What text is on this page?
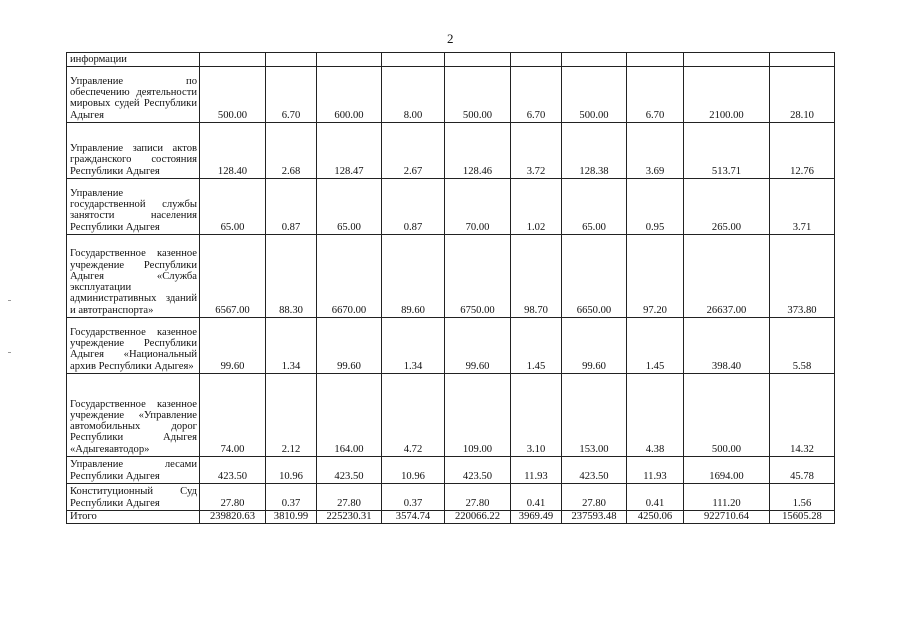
2
информации										
Управление по обеспечению деятельности мировых судей Республики Адыгея	500.00	6.70	600.00	8.00	500.00	6.70	500.00	6.70	2100.00	28.10
Управление записи актов гражданского состояния Республики Адыгея	128.40	2.68	128.47	2.67	128.46	3.72	128.38	3.69	513.71	12.76
Управление государственной службы занятости населения Республики Адыгея	65.00	0.87	65.00	0.87	70.00	1.02	65.00	0.95	265.00	3.71
Государственное казенное учреждение Республики Адыгея «Служба эксплуатации административных зданий и автотранспорта»	6567.00	88.30	6670.00	89.60	6750.00	98.70	6650.00	97.20	26637.00	373.80
Государственное казенное учреждение Республики Адыгея «Национальный архив Республики Адыгея»	99.60	1.34	99.60	1.34	99.60	1.45	99.60	1.45	398.40	5.58
Государственное казенное учреждение «Управление автомобильных дорог Республики Адыгея «Адыгеяавтодор»	74.00	2.12	164.00	4.72	109.00	3.10	153.00	4.38	500.00	14.32
Управление лесами Республики Адыгея	423.50	10.96	423.50	10.96	423.50	11.93	423.50	11.93	1694.00	45.78
Конституционный Суд Республики Адыгея	27.80	0.37	27.80	0.37	27.80	0.41	27.80	0.41	111.20	1.56
Итого	239820.63	3810.99	225230.31	3574.74	220066.22	3969.49	237593.48	4250.06	922710.64	15605.28
